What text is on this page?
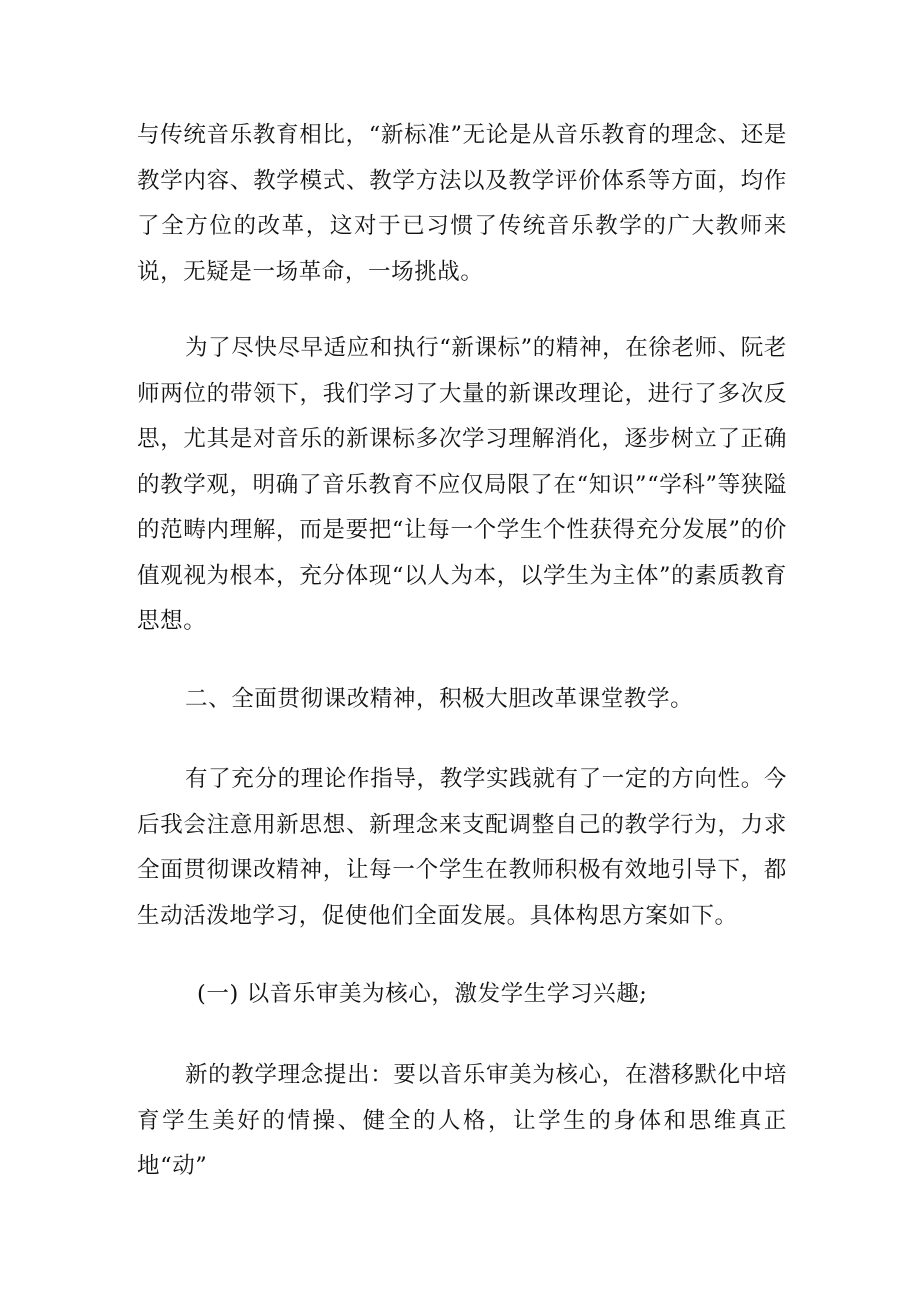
与传统音乐教育相比，“新标准”无论是从音乐教育的理念、还是教学内容、教学模式、教学方法以及教学评价体系等方面，均作了全方位的改革，这对于已习惯了传统音乐教学的广大教师来说，无疑是一场革命，一场挑战。

为了尽快尽早适应和执行“新课标”的精神，在徐老师、阮老师两位的带领下，我们学习了大量的新课改理论，进行了多次反思，尤其是对音乐的新课标多次学习理解消化，逐步树立了正确的教学观，明确了音乐教育不应仅局限了在“知识”“学科”等狭隘的范畴内理解，而是要把“让每一个学生个性获得充分发展”的价值观视为根本，充分体现“以人为本，以学生为主体”的素质教育思想。

二、全面贯彻课改精神，积极大胆改革课堂教学。

有了充分的理论作指导，教学实践就有了一定的方向性。今后我会注意用新思想、新理念来支配调整自己的教学行为，力求全面贯彻课改精神，让每一个学生在教师积极有效地引导下，都生动活泼地学习，促使他们全面发展。具体构思方案如下。

(一) 以音乐审美为核心，激发学生学习兴趣;

新的教学理念提出：要以音乐审美为核心，在潜移默化中培育学生美好的情操、健全的人格，让学生的身体和思维真正地“动”
